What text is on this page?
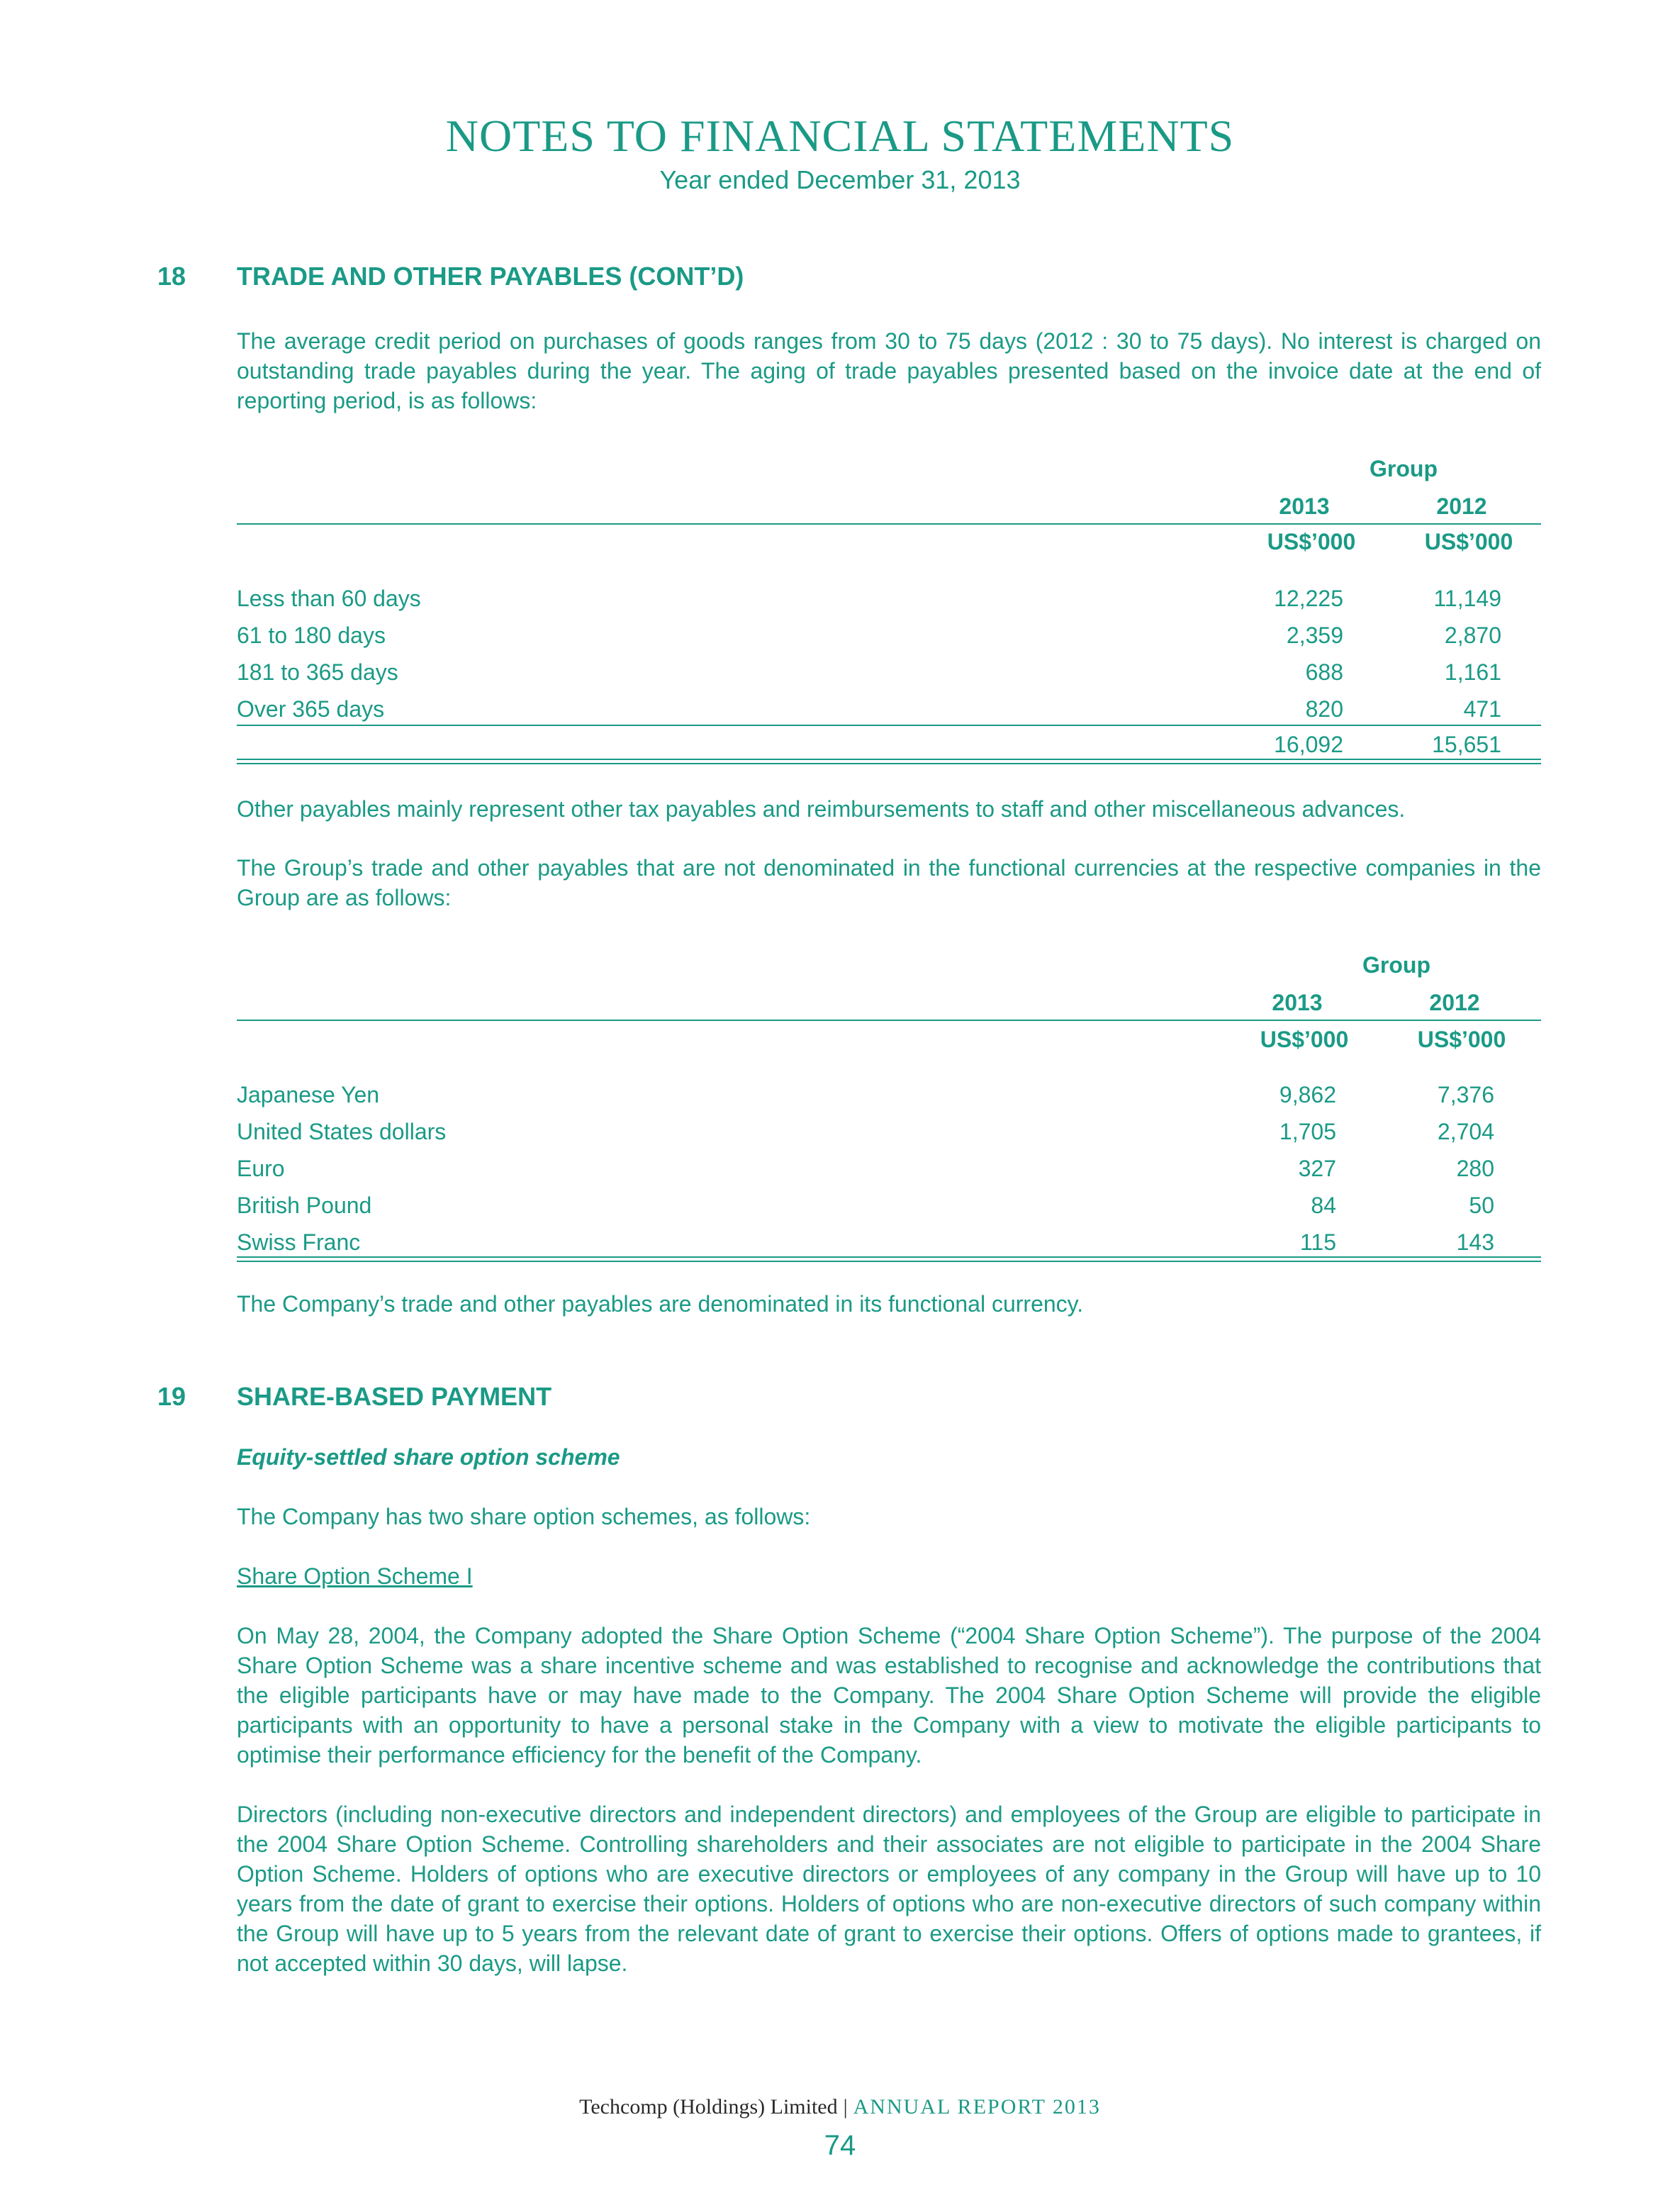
NOTES TO FINANCIAL STATEMENTS
Year ended December 31, 2013
18 TRADE AND OTHER PAYABLES (CONT’D)

The average credit period on purchases of goods ranges from 30 to 75 days (2012 : 30 to 75 days). No interest is charged on outstanding trade payables during the year. The aging of trade payables presented based on the invoice date at the end of reporting period, is as follows:

Group
2013	2012
US$’000	US$’000
Less than 60 days	12,225	11,149
61 to 180 days	2,359	2,870
181 to 365 days	688	1,161
Over 365 days	820	471
16,092	15,651
Other payables mainly represent other tax payables and reimbursements to staff and other miscellaneous advances.

The Group’s trade and other payables that are not denominated in the functional currencies at the respective companies in the Group are as follows:

Group
2013	2012
US$’000	US$’000
Japanese Yen	9,862	7,376
United States dollars	1,705	2,704
Euro	327	280
British Pound	84	50
Swiss Franc	115	143
The Company’s trade and other payables are denominated in its functional currency.
19 SHARE-BASED PAYMENT
Equity-settled share option scheme
The Company has two share option schemes, as follows:
Share Option Scheme I

On May 28, 2004, the Company adopted the Share Option Scheme (“2004 Share Option Scheme”). The purpose of the 2004 Share Option Scheme was a share incentive scheme and was established to recognise and acknowledge the contributions that the eligible participants have or may have made to the Company. The 2004 Share Option Scheme will provide the eligible participants with an opportunity to have a personal stake in the Company with a view to motivate the eligible participants to optimise their performance efficiency for the benefit of the Company.

Directors (including non-executive directors and independent directors) and employees of the Group are eligible to participate in the 2004 Share Option Scheme. Controlling shareholders and their associates are not eligible to participate in the 2004 Share Option Scheme. Holders of options who are executive directors or employees of any company in the Group will have up to 10 years from the date of grant to exercise their options. Holders of options who are non-executive directors of such company within the Group will have up to 5 years from the relevant date of grant to exercise their options. Offers of options made to grantees, if not accepted within 30 days, will lapse.

Techcomp (Holdings) Limited | ANNUAL REPORT 2013
74
